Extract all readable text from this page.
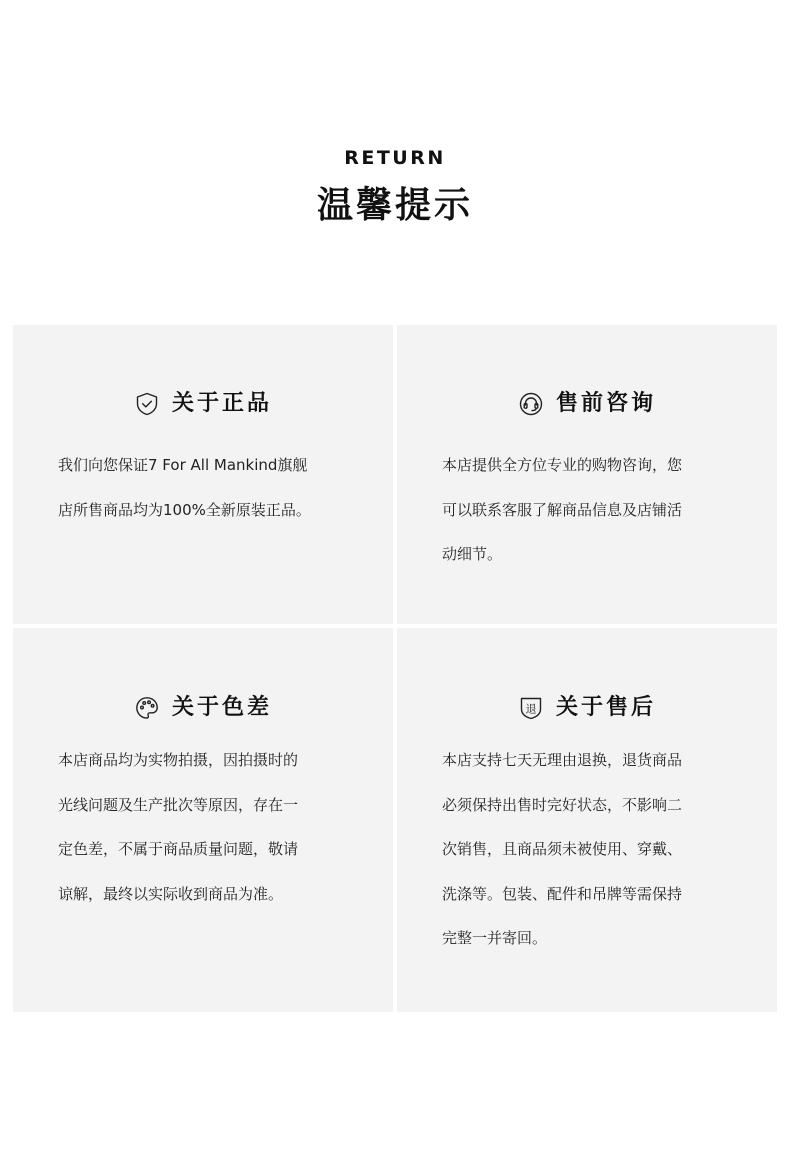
RETURN
温馨提示
关于正品
我们向您保证7 For All Mankind旗舰
店所售商品均为100%全新原装正品。
售前咨询
本店提供全方位专业的购物咨询，您
可以联系客服了解商品信息及店铺活
动细节。
关于色差
本店商品均为实物拍摄，因拍摄时的
光线问题及生产批次等原因，存在一
定色差，不属于商品质量问题，敬请
谅解，最终以实际收到商品为准。
退 关于售后
本店支持七天无理由退换，退货商品
必须保持出售时完好状态，不影响二
次销售，且商品须未被使用、穿戴、
洗涤等。包装、配件和吊牌等需保持
完整一并寄回。
